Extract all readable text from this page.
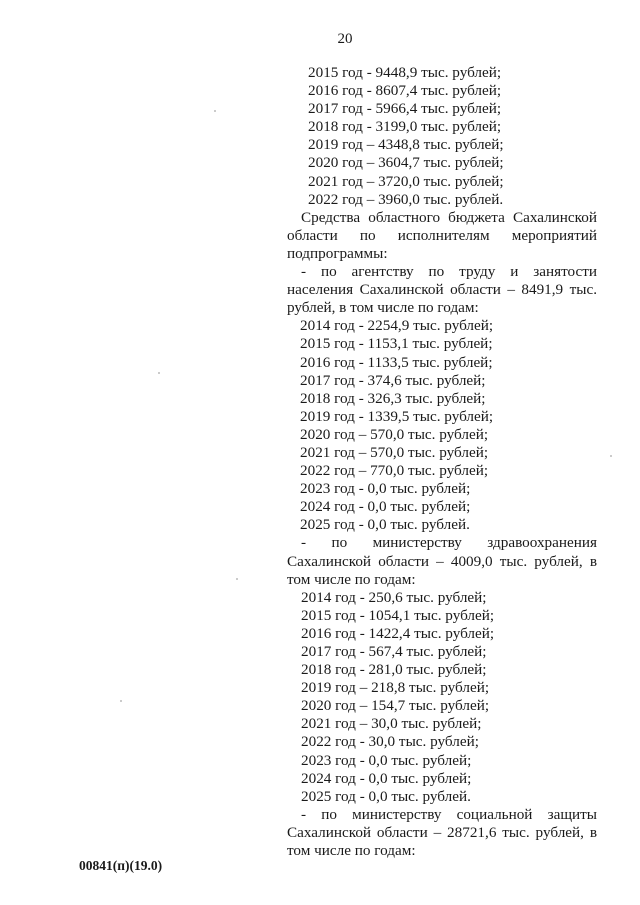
20
2015 год - 9448,9 тыс. рублей;
2016 год - 8607,4 тыс. рублей;
2017 год - 5966,4 тыс. рублей;
2018 год - 3199,0 тыс. рублей;
2019 год – 4348,8 тыс. рублей;
2020 год – 3604,7 тыс. рублей;
2021 год – 3720,0 тыс. рублей;
2022 год – 3960,0 тыс. рублей.
Средства областного бюджета Сахалинской области по исполнителям мероприятий подпрограммы:
- по агентству по труду и занятости населения Сахалинской области – 8491,9 тыс. рублей, в том числе по годам:
2014 год - 2254,9 тыс. рублей;
2015 год - 1153,1 тыс. рублей;
2016 год - 1133,5 тыс. рублей;
2017 год - 374,6 тыс. рублей;
2018 год - 326,3 тыс. рублей;
2019 год - 1339,5 тыс. рублей;
2020 год – 570,0 тыс. рублей;
2021 год – 570,0 тыс. рублей;
2022 год – 770,0 тыс. рублей;
2023 год - 0,0 тыс. рублей;
2024 год - 0,0 тыс. рублей;
2025 год - 0,0 тыс. рублей.
- по министерству здравоохранения Сахалинской области – 4009,0 тыс. рублей, в том числе по годам:
2014 год - 250,6 тыс. рублей;
2015 год - 1054,1 тыс. рублей;
2016 год - 1422,4 тыс. рублей;
2017 год - 567,4 тыс. рублей;
2018 год - 281,0 тыс. рублей;
2019 год – 218,8 тыс. рублей;
2020 год – 154,7 тыс. рублей;
2021 год – 30,0 тыс. рублей;
2022 год - 30,0 тыс. рублей;
2023 год - 0,0 тыс. рублей;
2024 год - 0,0 тыс. рублей;
2025 год - 0,0 тыс. рублей.
- по министерству социальной защиты Сахалинской области – 28721,6 тыс. рублей, в том числе по годам:
00841(п)(19.0)
